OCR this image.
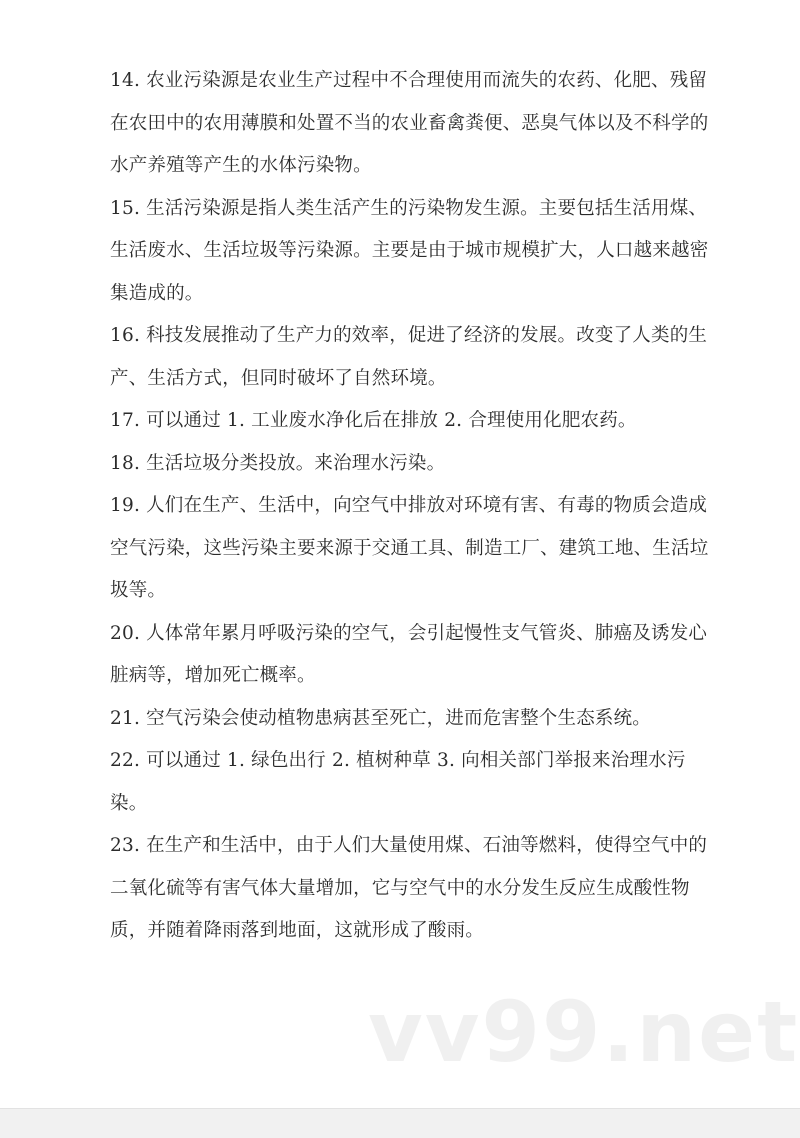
14. 农业污染源是农业生产过程中不合理使用而流失的农药、化肥、残留在农田中的农用薄膜和处置不当的农业畜禽粪便、恶臭气体以及不科学的水产养殖等产生的水体污染物。

15. 生活污染源是指人类生活产生的污染物发生源。主要包括生活用煤、生活废水、生活垃圾等污染源。主要是由于城市规模扩大，人口越来越密集造成的。

16. 科技发展推动了生产力的效率，促进了经济的发展。改变了人类的生产、生活方式，但同时破坏了自然环境。

17. 可以通过 1. 工业废水净化后在排放 2. 合理使用化肥农药。

18. 生活垃圾分类投放。来治理水污染。

19. 人们在生产、生活中，向空气中排放对环境有害、有毒的物质会造成空气污染，这些污染主要来源于交通工具、制造工厂、建筑工地、生活垃圾等。

20. 人体常年累月呼吸污染的空气，会引起慢性支气管炎、肺癌及诱发心脏病等，增加死亡概率。

21. 空气污染会使动植物患病甚至死亡，进而危害整个生态系统。

22. 可以通过 1. 绿色出行 2. 植树种草 3. 向相关部门举报来治理水污染。

23. 在生产和生活中，由于人们大量使用煤、石油等燃料，使得空气中的二氧化硫等有害气体大量增加，它与空气中的水分发生反应生成酸性物质，并随着降雨落到地面，这就形成了酸雨。

vv99.net
